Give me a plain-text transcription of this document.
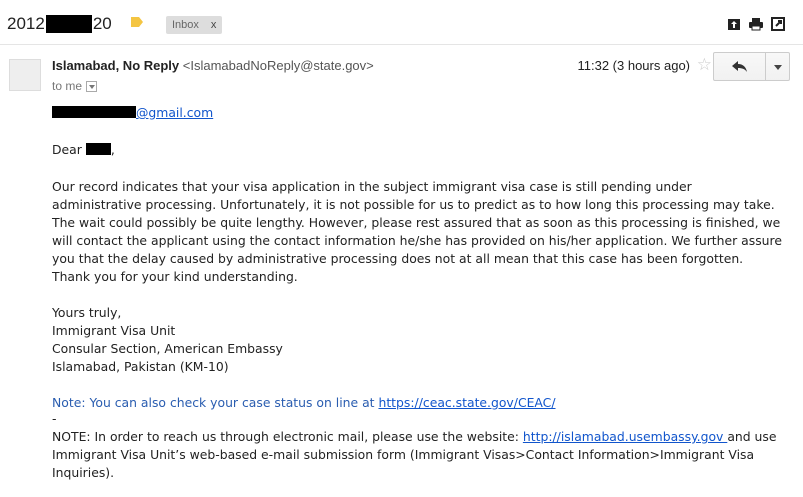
2012	20	Inbox x
Islamabad, No Reply <IslamabadNoReply@state.gov>
to me
11:32 (3 hours ago) ☆

@gmail.com

Dear ,

Our record indicates that your visa application in the subject immigrant visa case is still pending under administrative processing. Unfortunately, it is not possible for us to predict as to how long this processing may take. The wait could possibly be quite lengthy. However, please rest assured that as soon as this processing is finished, we will contact the applicant using the contact information he/she has provided on his/her application. We further assure you that the delay caused by administrative processing does not at all mean that this case has been forgotten. Thank you for your kind understanding.

Yours truly,

Immigrant Visa Unit

Consular Section, American Embassy

Islamabad, Pakistan (KM-10)

Note: You can also check your case status on line at https://ceac.state.gov/CEAC/

-

NOTE: In order to reach us through electronic mail, please use the website: http://islamabad.usembassy.gov and use Immigrant Visa Unit’s web-based e-mail submission form (Immigrant Visas>Contact Information>Immigrant Visa Inquiries).
